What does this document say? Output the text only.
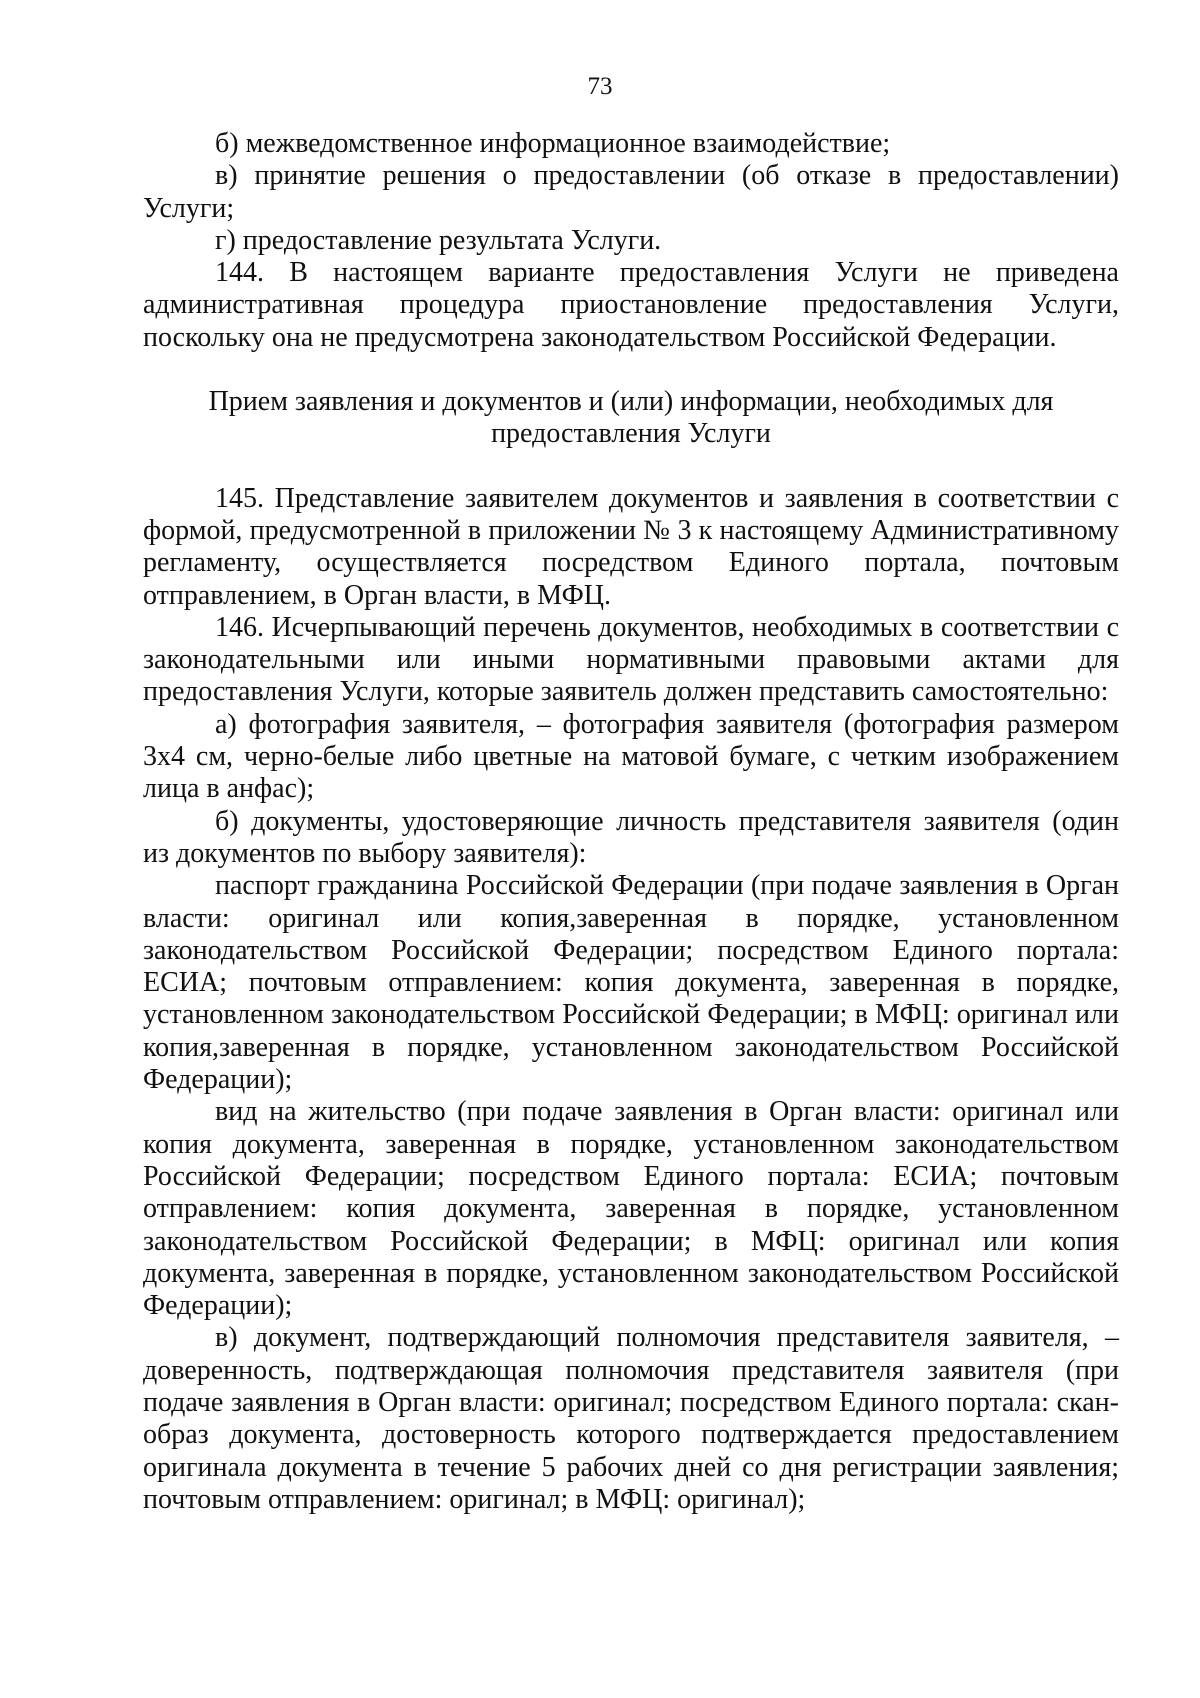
73

б) межведомственное информационное взаимодействие;

в) принятие решения о предоставлении (об отказе в предоставлении) Услуги;

г) предоставление результата Услуги.

144. В настоящем варианте предоставления Услуги не приведена административная процедура приостановление предоставления Услуги, поскольку она не предусмотрена законодательством Российской Федерации.

Прием заявления и документов и (или) информации, необходимых для
предоставления Услуги

145. Представление заявителем документов и заявления в соответствии с формой, предусмотренной в приложении № 3 к настоящему Административному регламенту, осуществляется посредством Единого портала, почтовым отправлением, в Орган власти, в МФЦ.

146. Исчерпывающий перечень документов, необходимых в соответствии с законодательными или иными нормативными правовыми актами для предоставления Услуги, которые заявитель должен представить самостоятельно:

а) фотография заявителя, – фотография заявителя (фотография размером 3x4 см, черно-белые либо цветные на матовой бумаге, с четким изображением лица в анфас);

б) документы, удостоверяющие личность представителя заявителя (один из документов по выбору заявителя):

паспорт гражданина Российской Федерации (при подаче заявления в Орган власти: оригинал или копия,заверенная в порядке, установленном законодательством Российской Федерации; посредством Единого портала: ЕСИА; почтовым отправлением: копия документа, заверенная в порядке, установленном законодательством Российской Федерации; в МФЦ: оригинал или копия,заверенная в порядке, установленном законодательством Российской Федерации);

вид на жительство (при подаче заявления в Орган власти: оригинал или копия документа, заверенная в порядке, установленном законодательством Российской Федерации; посредством Единого портала: ЕСИА; почтовым отправлением: копия документа, заверенная в порядке, установленном законодательством Российской Федерации; в МФЦ: оригинал или копия документа, заверенная в порядке, установленном законодательством Российской Федерации);

в) документ, подтверждающий полномочия представителя заявителя, – доверенность, подтверждающая полномочия представителя заявителя (при подаче заявления в Орган власти: оригинал; посредством Единого портала: скан-образ документа, достоверность которого подтверждается предоставлением оригинала документа в течение 5 рабочих дней со дня регистрации заявления; почтовым отправлением: оригинал; в МФЦ: оригинал);
